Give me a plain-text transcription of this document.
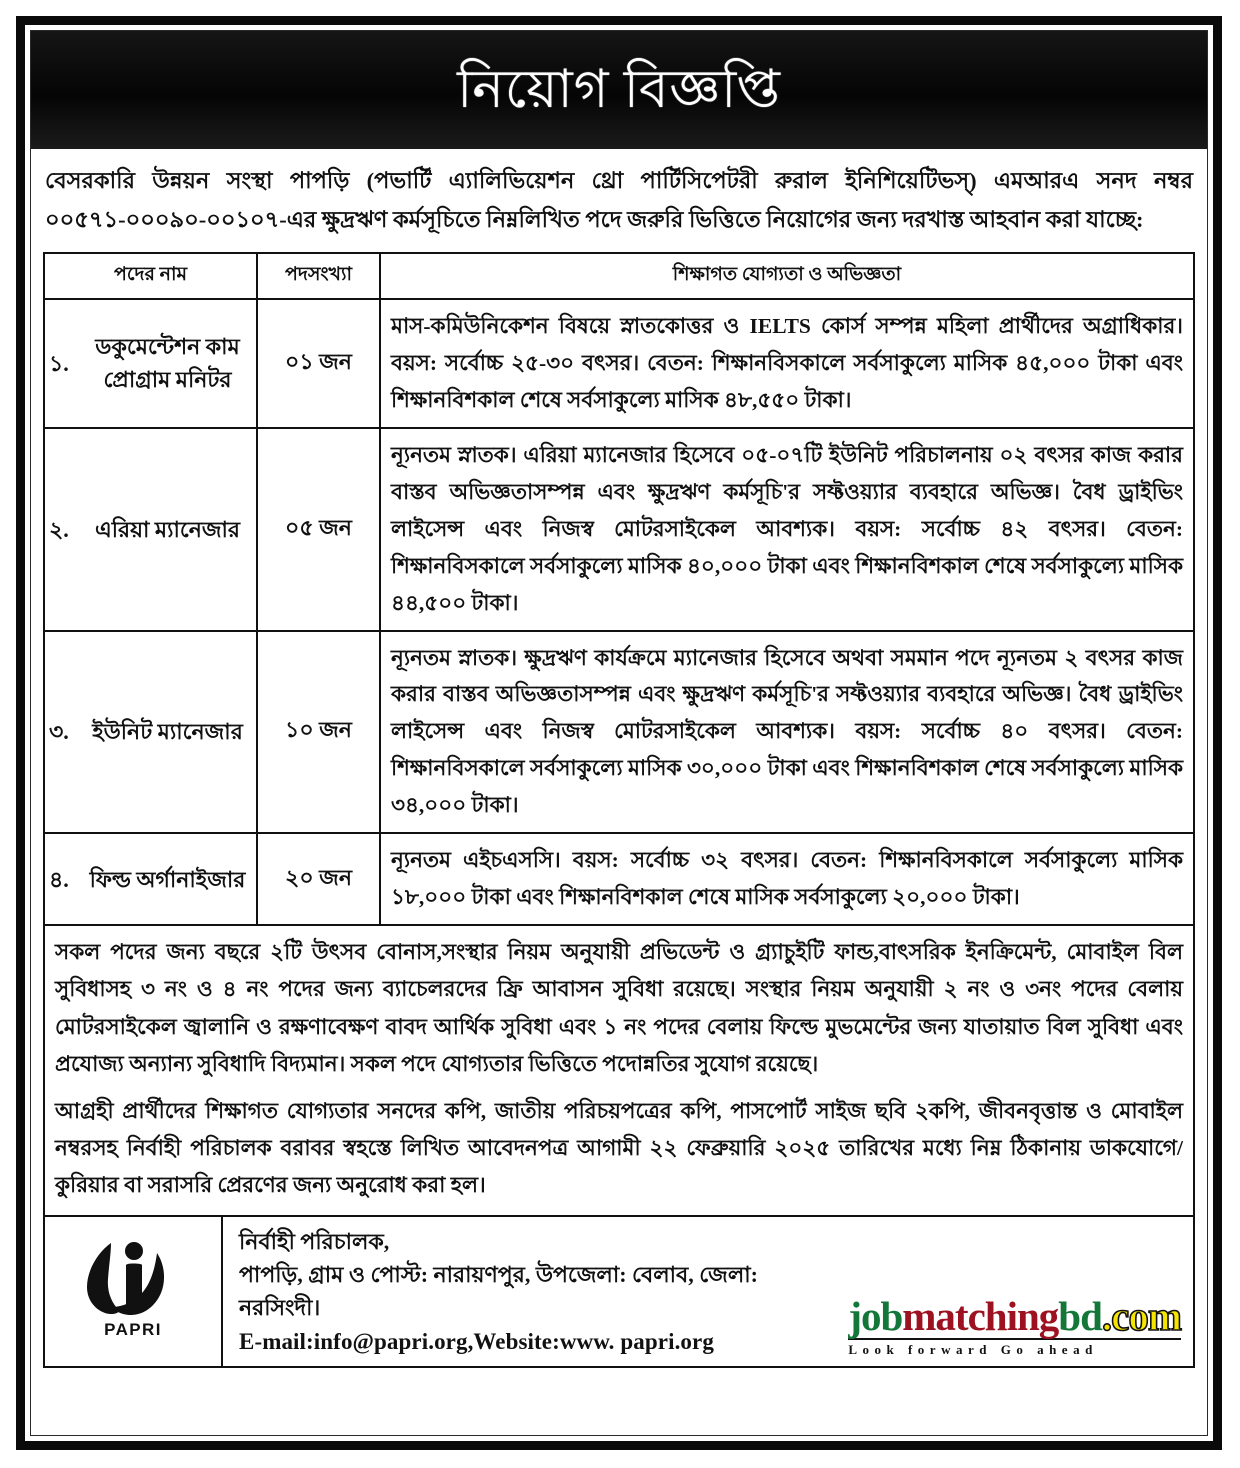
নিয়োগ বিজ্ঞপ্তি
বেসরকারি উন্নয়ন সংস্থা পাপড়ি (পভার্টি এ্যালিভিয়েশন থ্রো পার্টিসিপেটরী রুরাল ইনিশিয়েটিভস্) এমআরএ সনদ নম্বর ০০৫৭১-০০০৯০-০০১০৭-এর ক্ষুদ্রঋণ কর্মসূচিতে নিম্নলিখিত পদে জরুরি ভিত্তিতে নিয়োগের জন্য দরখাস্ত আহবান করা যাচ্ছে:
পদের নাম	পদসংখ্যা	শিক্ষাগত যোগ্যতা ও অভিজ্ঞতা

১.
ডকুমেন্টেশন কাম প্রোগ্রাম মনিটর	০১ জন	মাস-কমিউনিকেশন বিষয়ে স্নাতকোত্তর ও IELTS কোর্স সম্পন্ন মহিলা প্রার্থীদের অগ্রাধিকার। বয়স: সর্বোচ্চ ২৫-৩০ বৎসর। বেতন: শিক্ষানবিসকালে সর্বসাকুল্যে মাসিক ৪৫,০০০ টাকা এবং শিক্ষানবিশকাল শেষে সর্বসাকুল্যে মাসিক ৪৮,৫৫০ টাকা।

২. এরিয়া ম্যানেজার	০৫ জন	ন্যূনতম স্নাতক। এরিয়া ম্যানেজার হিসেবে ০৫-০৭টি ইউনিট পরিচালনায় ০২ বৎসর কাজ করার বাস্তব অভিজ্ঞতাসম্পন্ন এবং ক্ষুদ্রঋণ কর্মসূচি'র সফ্টওয়্যার ব্যবহারে অভিজ্ঞ। বৈধ ড্রাইভিং লাইসেন্স এবং নিজস্ব মোটরসাইকেল আবশ্যক। বয়স: সর্বোচ্চ ৪২ বৎসর। বেতন: শিক্ষানবিসকালে সর্বসাকুল্যে মাসিক ৪০,০০০ টাকা এবং শিক্ষানবিশকাল শেষে সর্বসাকুল্যে মাসিক ৪৪,৫০০ টাকা।

৩. ইউনিট ম্যানেজার	১০ জন	ন্যূনতম স্নাতক। ক্ষুদ্রঋণ কার্যক্রমে ম্যানেজার হিসেবে অথবা সমমান পদে ন্যূনতম ২ বৎসর কাজ করার বাস্তব অভিজ্ঞতাসম্পন্ন এবং ক্ষুদ্রঋণ কর্মসূচি'র সফ্টওয়্যার ব্যবহারে অভিজ্ঞ। বৈধ ড্রাইভিং লাইসেন্স এবং নিজস্ব মোটরসাইকেল আবশ্যক। বয়স: সর্বোচ্চ ৪০ বৎসর। বেতন: শিক্ষানবিসকালে সর্বসাকুল্যে মাসিক ৩০,০০০ টাকা এবং শিক্ষানবিশকাল শেষে সর্বসাকুল্যে মাসিক ৩৪,০০০ টাকা।

৪. ফিল্ড অর্গানাইজার	২০ জন	ন্যূনতম এইচএসসি। বয়স: সর্বোচ্চ ৩২ বৎসর। বেতন: শিক্ষানবিসকালে সর্বসাকুল্যে মাসিক ১৮,০০০ টাকা এবং শিক্ষানবিশকাল শেষে মাসিক সর্বসাকুল্যে ২০,০০০ টাকা।

সকল পদের জন্য বছরে ২টি উৎসব বোনাস,সংস্থার নিয়ম অনুযায়ী প্রভিডেন্ট ও গ্র্যাচুইটি ফান্ড,বাৎসরিক ইনক্রিমেন্ট, মোবাইল বিল সুবিধাসহ ৩ নং ও ৪ নং পদের জন্য ব্যাচেলরদের ফ্রি আবাসন সুবিধা রয়েছে। সংস্থার নিয়ম অনুযায়ী ২ নং ও ৩নং পদের বেলায় মোটরসাইকেল জ্বালানি ও রক্ষণাবেক্ষণ বাবদ আর্থিক সুবিধা এবং ১ নং পদের বেলায় ফিল্ডে মুভমেন্টের জন্য যাতায়াত বিল সুবিধা এবং প্রযোজ্য অন্যান্য সুবিধাদি বিদ্যমান। সকল পদে যোগ্যতার ভিত্তিতে পদোন্নতির সুযোগ রয়েছে।

আগ্রহী প্রার্থীদের শিক্ষাগত যোগ্যতার সনদের কপি, জাতীয় পরিচয়পত্রের কপি, পাসপোর্ট সাইজ ছবি ২কপি, জীবনবৃত্তান্ত ও মোবাইল নম্বরসহ নির্বাহী পরিচালক বরাবর স্বহস্তে লিখিত আবেদনপত্র আগামী ২২ ফেব্রুয়ারি ২০২৫ তারিখের মধ্যে নিম্ন ঠিকানায় ডাকযোগে/কুরিয়ার বা সরাসরি প্রেরণের জন্য অনুরোধ করা হল।

PAPRI
নির্বাহী পরিচালক,
পাপড়ি, গ্রাম ও পোস্ট: নারায়ণপুর, উপজেলা: বেলাব, জেলা: নরসিংদী।
E-mail:info@papri.org,Website:www. papri.org
jobmatchingbd.com
Look forward Go ahead
